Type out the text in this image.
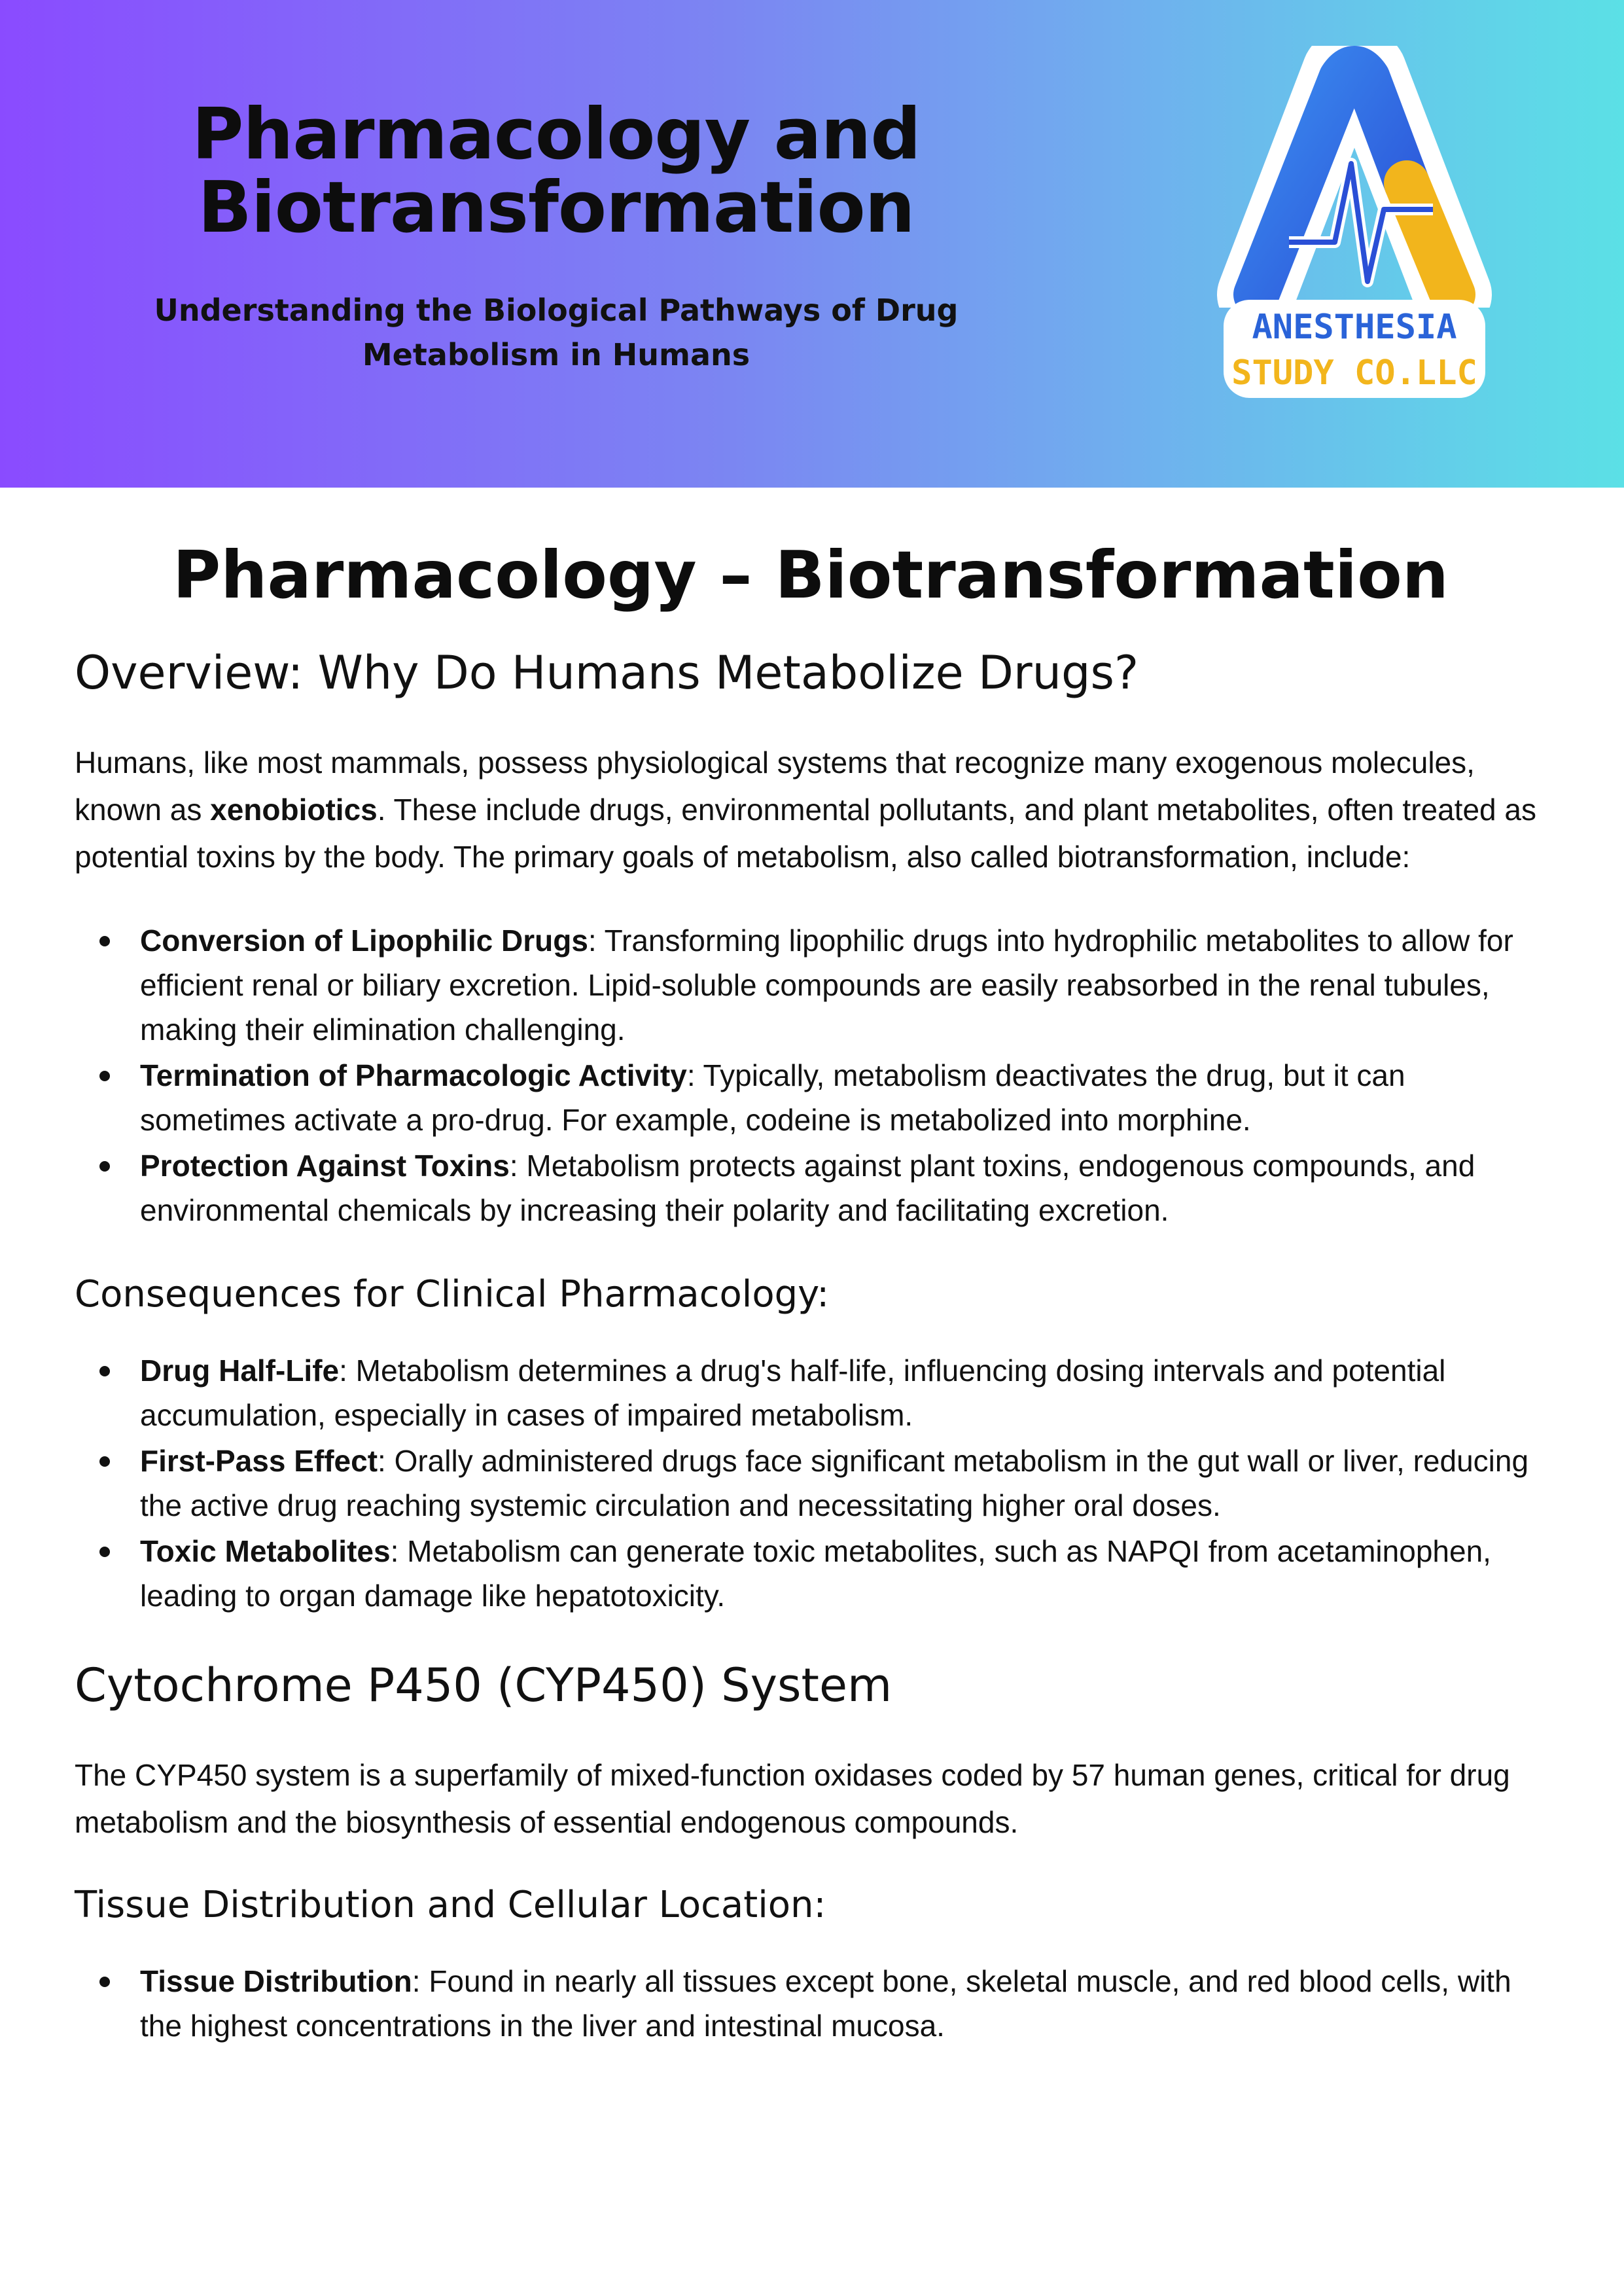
Pharmacology and Biotransformation
Understanding the Biological Pathways of Drug Metabolism in Humans
ANESTHESIA
STUDY CO.LLC
Pharmacology – Biotransformation
Overview: Why Do Humans Metabolize Drugs?

Humans, like most mammals, possess physiological systems that recognize many exogenous molecules, known as xenobiotics. These include drugs, environmental pollutants, and plant metabolites, often treated as potential toxins by the body. The primary goals of metabolism, also called biotransformation, include:

Conversion of Lipophilic Drugs: Transforming lipophilic drugs into hydrophilic metabolites to allow for efficient renal or biliary excretion. Lipid-soluble compounds are easily reabsorbed in the renal tubules, making their elimination challenging.
Termination of Pharmacologic Activity: Typically, metabolism deactivates the drug, but it can sometimes activate a pro-drug. For example, codeine is metabolized into morphine.
Protection Against Toxins: Metabolism protects against plant toxins, endogenous compounds, and environmental chemicals by increasing their polarity and facilitating excretion.
Consequences for Clinical Pharmacology:
Drug Half-Life: Metabolism determines a drug's half-life, influencing dosing intervals and potential accumulation, especially in cases of impaired metabolism.
First-Pass Effect: Orally administered drugs face significant metabolism in the gut wall or liver, reducing the active drug reaching systemic circulation and necessitating higher oral doses.
Toxic Metabolites: Metabolism can generate toxic metabolites, such as NAPQI from acetaminophen, leading to organ damage like hepatotoxicity.
Cytochrome P450 (CYP450) System

The CYP450 system is a superfamily of mixed-function oxidases coded by 57 human genes, critical for drug metabolism and the biosynthesis of essential endogenous compounds.

Tissue Distribution and Cellular Location:
Tissue Distribution: Found in nearly all tissues except bone, skeletal muscle, and red blood cells, with the highest concentrations in the liver and intestinal mucosa.
